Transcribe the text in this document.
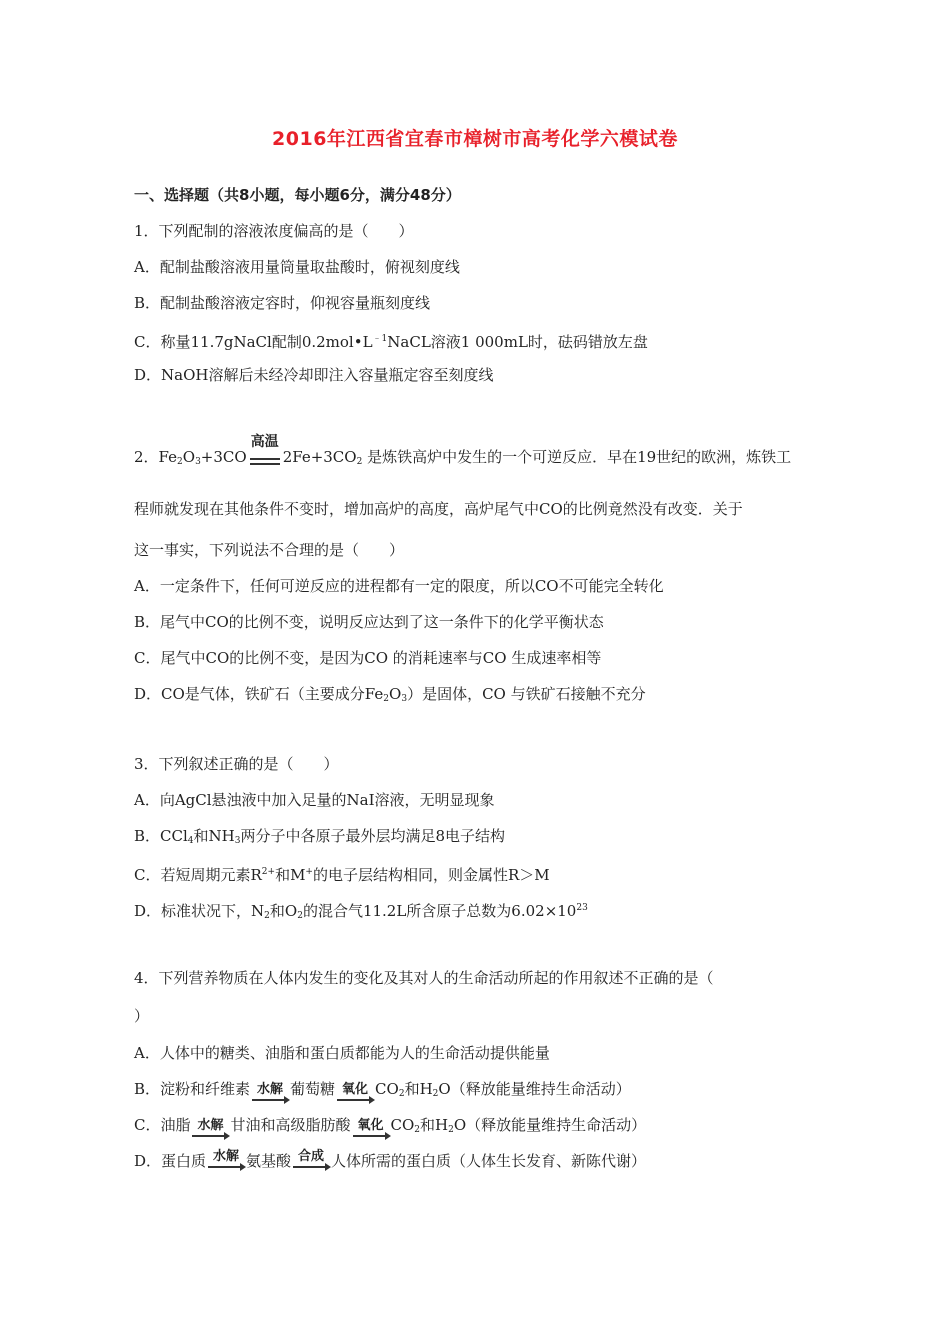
2016年江西省宜春市樟树市高考化学六模试卷
一、选择题（共8小题，每小题6分，满分48分）
1．下列配制的溶液浓度偏高的是（　　）
A．配制盐酸溶液用量筒量取盐酸时，俯视刻度线
B．配制盐酸溶液定容时，仰视容量瓶刻度线
C．称量11.7gNaCl配制$0.2mol•L^{﹣1}NaCL$溶液1 000mL时，砝码错放左盘
D．NaOH溶解后未经冷却即注入容量瓶定容至刻度线
2．$Fe_2O_3+3CO$
高温
$2Fe+3CO_2$ 是炼铁高炉中发生的一个可逆反应．早在19世纪的欧洲，炼铁工
程师就发现在其他条件不变时，增加高炉的高度，高炉尾气中CO的比例竟然没有改变．关于
这一事实，下列说法不合理的是（　　）
A．一定条件下，任何可逆反应的进程都有一定的限度，所以CO不可能完全转化
B．尾气中CO的比例不变，说明反应达到了这一条件下的化学平衡状态
C．尾气中CO的比例不变，是因为CO 的消耗速率与CO 生成速率相等
D．CO是气体，铁矿石（主要成分$Fe_2O_3$）是固体，CO 与铁矿石接触不充分
3．下列叙述正确的是（　　）
A．向AgCl悬浊液中加入足量的NaI溶液，无明显现象
B．CCl$_4$和$NH_3$两分子中各原子最外层均满足8电子结构
C．若短周期元素$R^{2+}$和M+的电子层结构相同，则金属性R＞M
D．标准状况下，$N_2$和$O_2$的混合气11.2L所含原子总数为$6.02\times 10^{23}$
4．下列营养物质在人体内发生的变化及其对人的生命活动所起的作用叙述不正确的是（
）
A．人体中的糖类、油脂和蛋白质都能为人的生命活动提供能量
B．淀粉和纤维素 水解 葡萄糖 氧化 $CO_2$和$H_2O$（释放能量维持生命活动）
C．油脂 水解 甘油和高级脂肪酸 氧化 $CO_2$和$H_2O$（释放能量维持生命活动）
D．蛋白质 水解 氨基酸 合成 人体所需的蛋白质（人体生长发育、新陈代谢）
